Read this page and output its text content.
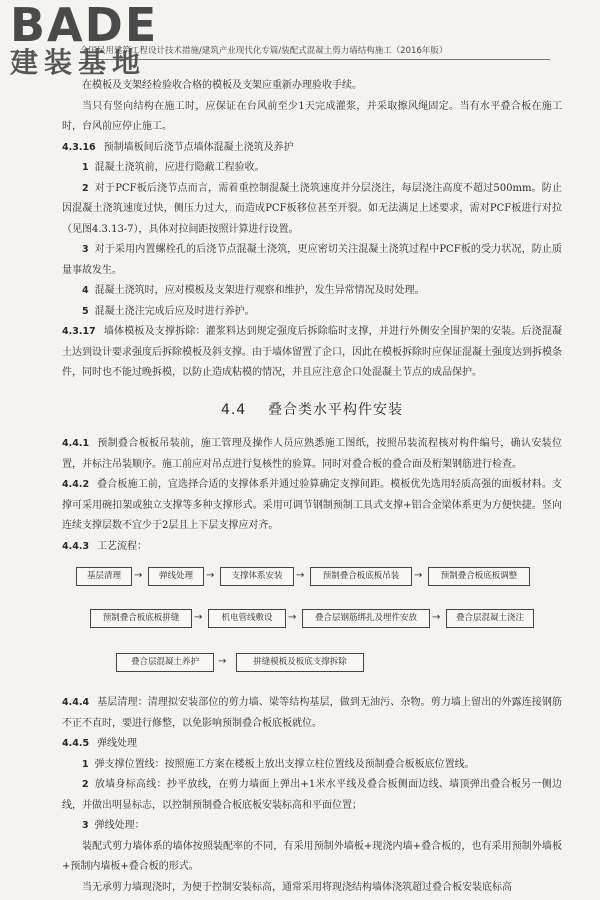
BADE
全国民用建筑工程设计技术措施/建筑产业现代化专篇/装配式混凝土剪力墙结构施工（2016年版）
建装基地

在模板及支架经检验收合格的模板及支架应重新办理验收手续。

当只有竖向结构在施工时，应保证在台风前至少1天完成灌浆，并采取擦风绳固定。当有水平叠合板在施工时，台风前应停止施工。

4.3.16 预制墙板间后浇节点墙体混凝土浇筑及养护

1 混凝土浇筑前，应进行隐蔽工程验收。

2 对于PCF板后浇节点而言，需着重控制混凝土浇筑速度并分层浇注，每层浇注高度不超过500mm。防止因混凝土浇筑速度过快，侧压力过大，而造成PCF板移位甚至开裂。如无法满足上述要求，需对PCF板进行对拉（见图4.3.13-7），具体对拉间距按照计算进行设置。

3 对于采用内置螺栓孔的后浇节点混凝土浇筑，更应密切关注混凝土浇筑过程中PCF板的受力状况，防止质量事故发生。

4 混凝土浇筑时，应对模板及支架进行观察和维护，发生异常情况及时处理。

5 混凝土浇注完成后应及时进行养护。

4.3.17 墙体模板及支撑拆除：灌浆料达到规定强度后拆除临时支撑，并进行外侧安全围护架的安装。后浇混凝土达到设计要求强度后拆除模板及斜支撑。由于墙体留置了企口，因此在模板拆除时应保证混凝土强度达到拆模条件，同时也不能过晚拆模，以防止造成粘模的情况，并且应注意企口处混凝土节点的成品保护。

4.4 叠合类水平构件安装

4.4.1 预制叠合板板吊装前，施工管理及操作人员应熟悉施工图纸，按照吊装流程核对构件编号，确认安装位置，并标注吊装顺序。施工前应对吊点进行复核性的验算。同时对叠合板的叠合面及桁架钢筋进行检查。

4.4.2 叠合板施工前，宜选择合适的支撑体系并通过验算确定支撑间距。模板优先选用轻质高强的面板材料。支撑可采用碗扣架或独立支撑等多种支撑形式。采用可调节钢制预制工具式支撑+铝合金梁体系更为方便快捷。竖向连续支撑层数不宜少于2层且上下层支撑应对齐。

4.4.3 工艺流程：

基层清理	→	弹线处理	→	支撑体系安装	→	预制叠合板底板吊装	→	预制叠合板底板调整
预制叠合板底板拼缝	→	机电管线敷设	→	叠合层钢筋绑扎及埋件安放	→	叠合层混凝土浇注
叠合层混凝土养护	→	拼缝模板及板底支撑拆除

4.4.4 基层清理：清理拟安装部位的剪力墙、梁等结构基层，做到无油污、杂物。剪力墙上留出的外露连接钢筋不正不直时，要进行修整，以免影响预制叠合板底板就位。

4.4.5 弹线处理

1 弹支撑位置线：按照施工方案在楼板上放出支撑立柱位置线及预制叠合板板底位置线。

2 放墙身标高线：抄平放线，在剪力墙面上弹出+1米水平线及叠合板侧面边线、墙顶弹出叠合板另一侧边线，并做出明显标志，以控制预制叠合板底板安装标高和平面位置；

3 弹线处理：

装配式剪力墙体系的墙体按照装配率的不同，有采用预制外墙板+现浇内墙+叠合板的，也有采用预制外墙板+预制内墙板+叠合板的形式。

当无承剪力墙现浇时，为便于控制安装标高，通常采用将现浇结构墙体浇筑超过叠合板安装底标高
